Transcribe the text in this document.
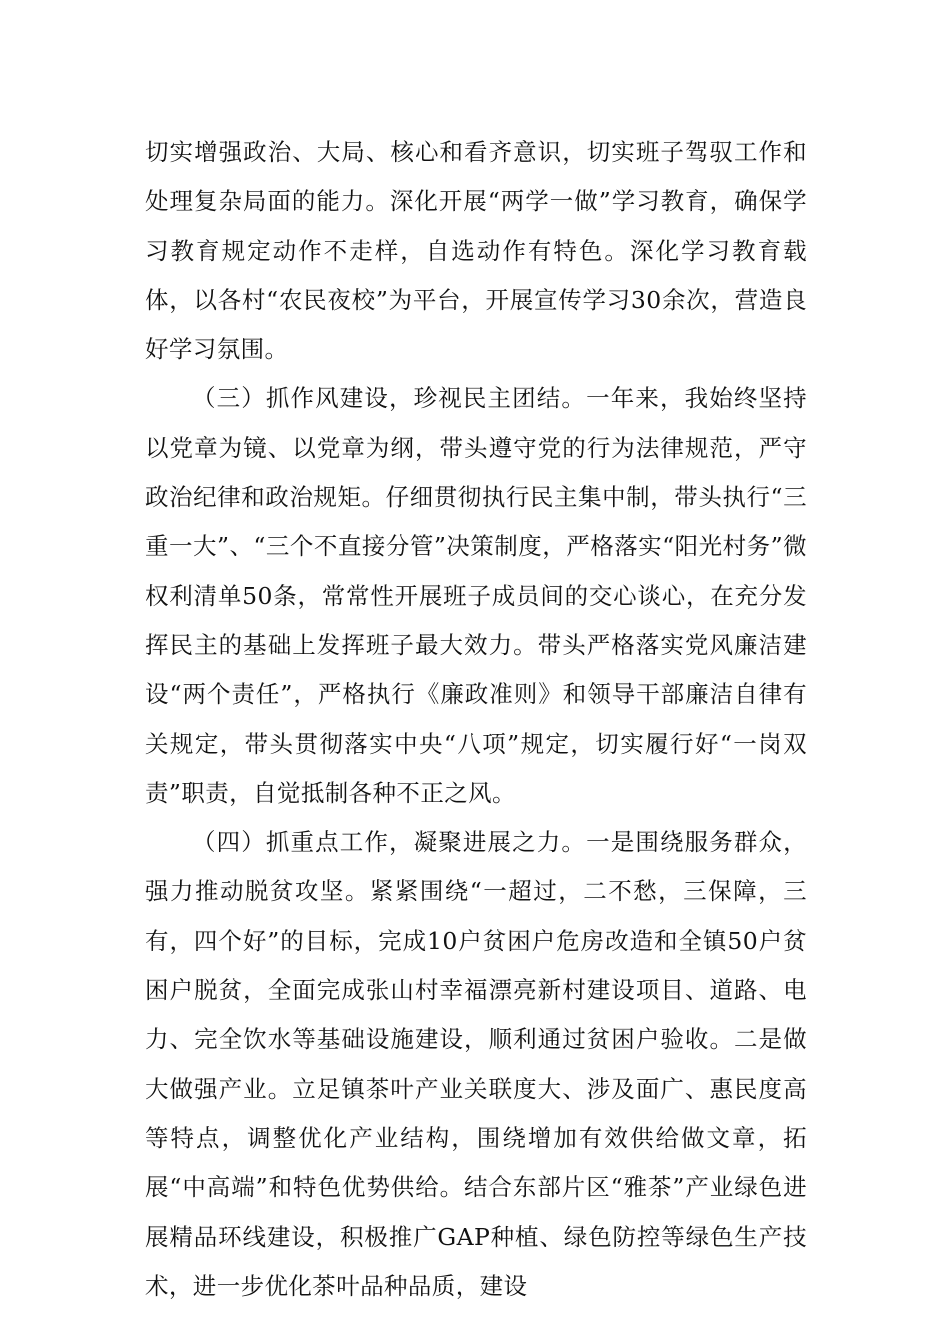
切实增强政治、大局、核心和看齐意识，切实班子驾驭工作和处理复杂局面的能力。深化开展“两学一做”学习教育，确保学习教育规定动作不走样，自选动作有特色。深化学习教育载体，以各村“农民夜校”为平台，开展宣传学习30余次，营造良好学习氛围。

（三）抓作风建设，珍视民主团结。一年来，我始终坚持以党章为镜、以党章为纲，带头遵守党的行为法律规范，严守政治纪律和政治规矩。仔细贯彻执行民主集中制，带头执行“三重一大”、“三个不直接分管”决策制度，严格落实“阳光村务”微权利清单50条，常常性开展班子成员间的交心谈心，在充分发挥民主的基础上发挥班子最大效力。带头严格落实党风廉洁建设“两个责任”，严格执行《廉政准则》和领导干部廉洁自律有关规定，带头贯彻落实中央“八项”规定，切实履行好“一岗双责”职责，自觉抵制各种不正之风。

（四）抓重点工作，凝聚进展之力。一是围绕服务群众，强力推动脱贫攻坚。紧紧围绕“一超过，二不愁，三保障，三有，四个好”的目标，完成10户贫困户危房改造和全镇50户贫困户脱贫，全面完成张山村幸福漂亮新村建设项目、道路、电力、完全饮水等基础设施建设，顺利通过贫困户验收。二是做大做强产业。立足镇茶叶产业关联度大、涉及面广、惠民度高等特点，调整优化产业结构，围绕增加有效供给做文章，拓展“中高端”和特色优势供给。结合东部片区“雅茶”产业绿色进展精品环线建设，积极推广GAP种植、绿色防控等绿色生产技术，进一步优化茶叶品种品质，建设
